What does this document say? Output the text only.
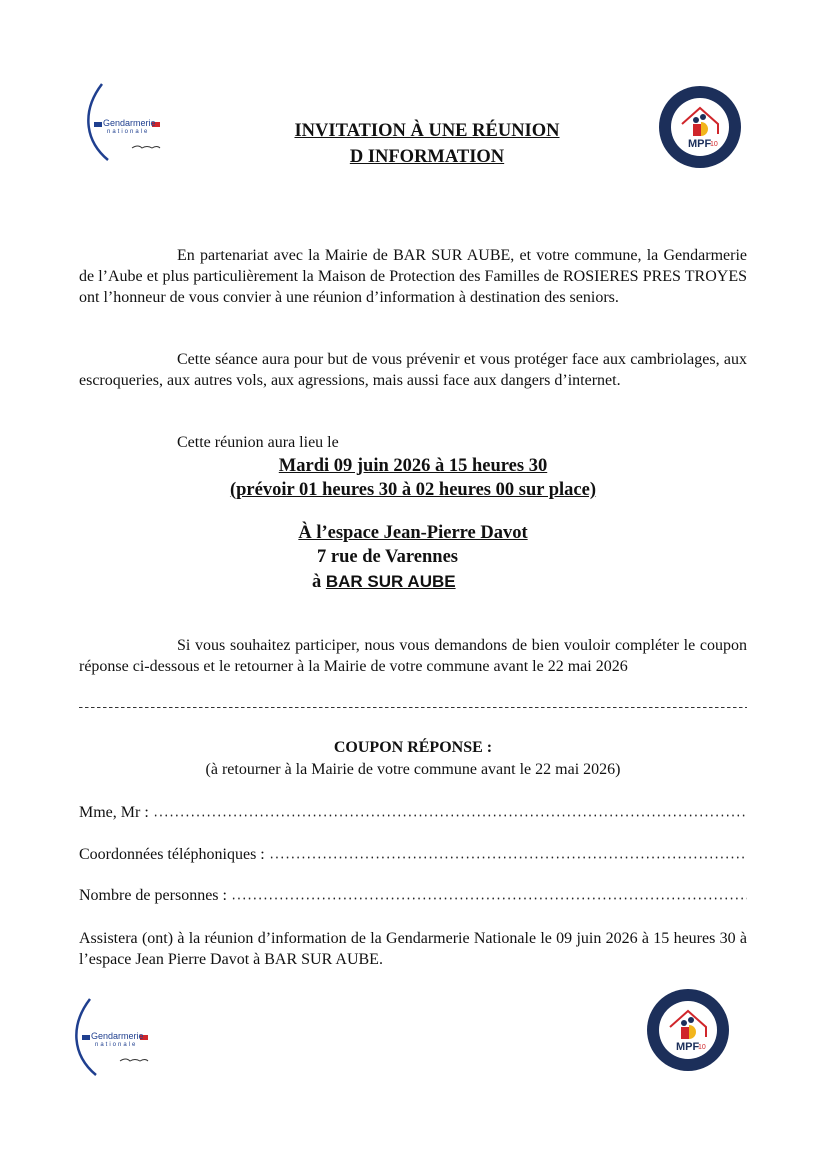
Gendarmerie
nationale
MPF
10
INVITATION À UNE RÉUNION
D INFORMATION
En partenariat avec la Mairie de BAR SUR AUBE, et votre commune, la Gendarmerie de l’Aube et plus particulièrement la Maison de Protection des Familles de ROSIERES PRES TROYES ont l’honneur de vous convier à une réunion d’information à destination des seniors.
Cette séance aura pour but de vous prévenir et vous protéger face aux cambriolages, aux escroqueries, aux autres vols, aux agressions, mais aussi face aux dangers d’internet.
Cette réunion aura lieu le
Mardi 09 juin 2026 à 15 heures 30
(prévoir 01 heures 30 à 02 heures 00 sur place)
À l’espace Jean-Pierre Davot
7 rue de Varennes
à BAR SUR AUBE
Si vous souhaitez participer, nous vous demandons de bien vouloir compléter le coupon réponse ci-dessous et le retourner à la Mairie de votre commune avant le 22 mai 2026
COUPON RÉPONSE :
(à retourner à la Mairie de votre commune avant le 22 mai 2026)
Mme, Mr :
Coordonnées téléphoniques :
Nombre de personnes :
Assistera (ont) à la réunion d’information de la Gendarmerie Nationale le 09 juin 2026 à 15 heures 30 à l’espace Jean Pierre Davot à BAR SUR AUBE.
Gendarmerie
nationale	MPF
10
